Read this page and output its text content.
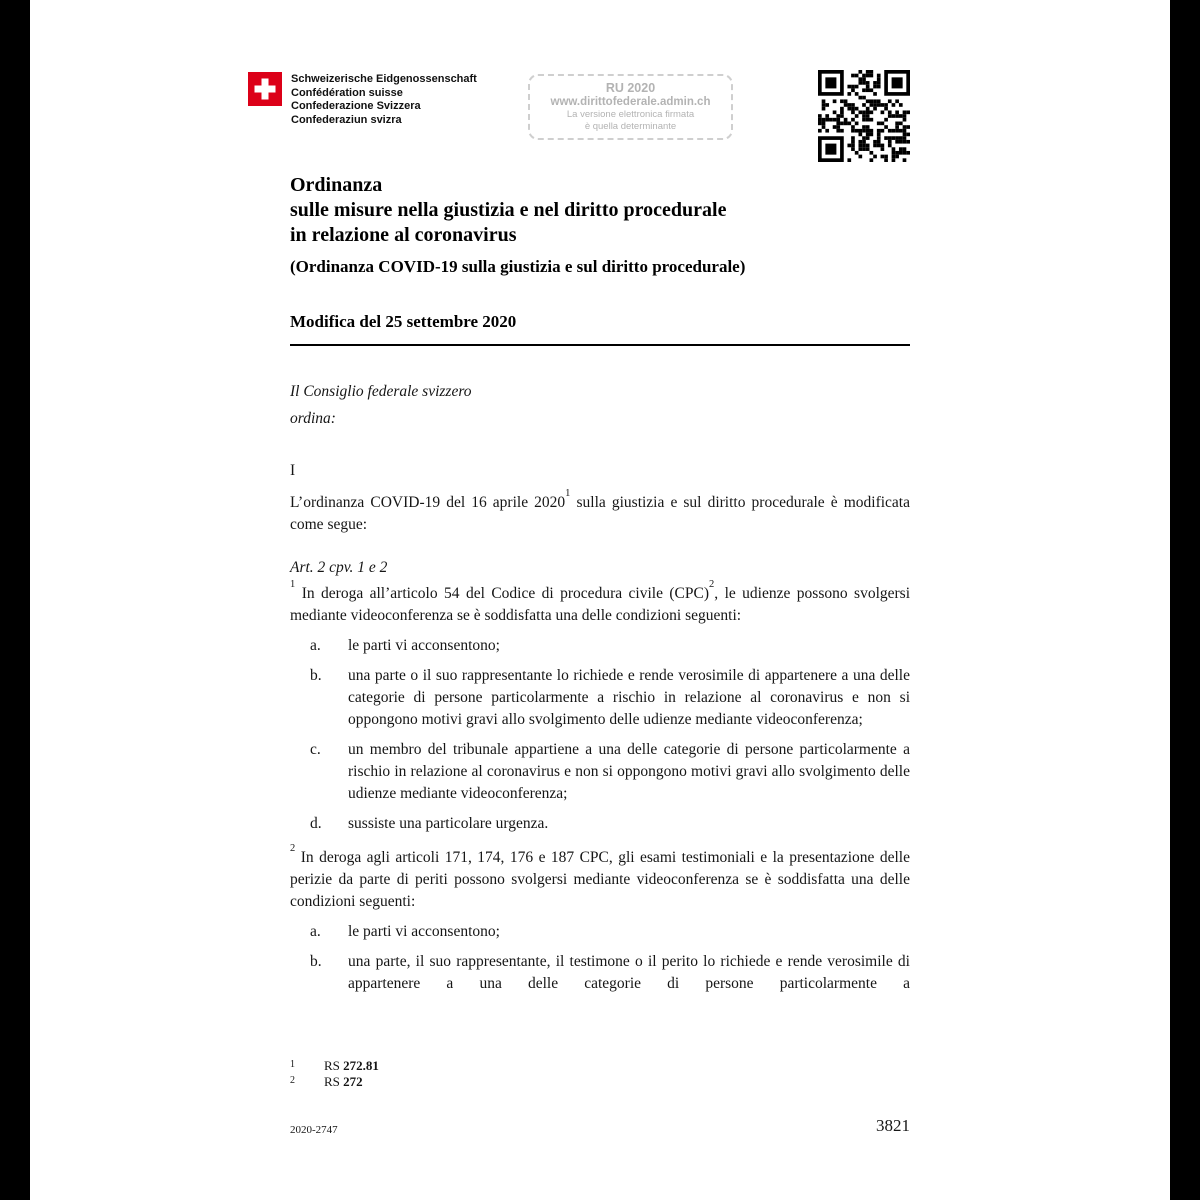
Schweizerische Eidgenossenschaft
Confédération suisse
Confederazione Svizzera
Confederaziun svizra
RU 2020
www.dirittofederale.admin.ch
La versione elettronica firmata
è quella determinante
Ordinanza
sulle misure nella giustizia e nel diritto procedurale
in relazione al coronavirus
(Ordinanza COVID-19 sulla giustizia e sul diritto procedurale)
Modifica del 25 settembre 2020
Il Consiglio federale svizzero
ordina:
I

L’ordinanza COVID-19 del 16 aprile 2020$^1$ sulla giustizia e sul diritto procedurale è modificata come segue:

Art. 2 cpv. 1 e 2

$^1$ In deroga all’articolo 54 del Codice di procedura civile (CPC)$^2$, le udienze possono svolgersi mediante videoconferenza se è soddisfatta una delle condizioni seguenti:

a.	le parti vi acconsentono;
b.	una parte o il suo rappresentante lo richiede e rende verosimile di appartenere a una delle categorie di persone particolarmente a rischio in relazione al coronavirus e non si oppongono motivi gravi allo svolgimento delle udienze mediante videoconferenza;
c.	un membro del tribunale appartiene a una delle categorie di persone particolarmente a rischio in relazione al coronavirus e non si oppongono motivi gravi allo svolgimento delle udienze mediante videoconferenza;
d.	sussiste una particolare urgenza.

$^2$ In deroga agli articoli 171, 174, 176 e 187 CPC, gli esami testimoniali e la presentazione delle perizie da parte di periti possono svolgersi mediante videoconferenza se è soddisfatta una delle condizioni seguenti:

a.	le parti vi acconsentono;
b.	una parte, il suo rappresentante, il testimone o il perito lo richiede e rende verosimile di appartenere a una delle categorie di persone particolarmente a
1	RS 272.81
2	RS 272
2020-2747	3821
